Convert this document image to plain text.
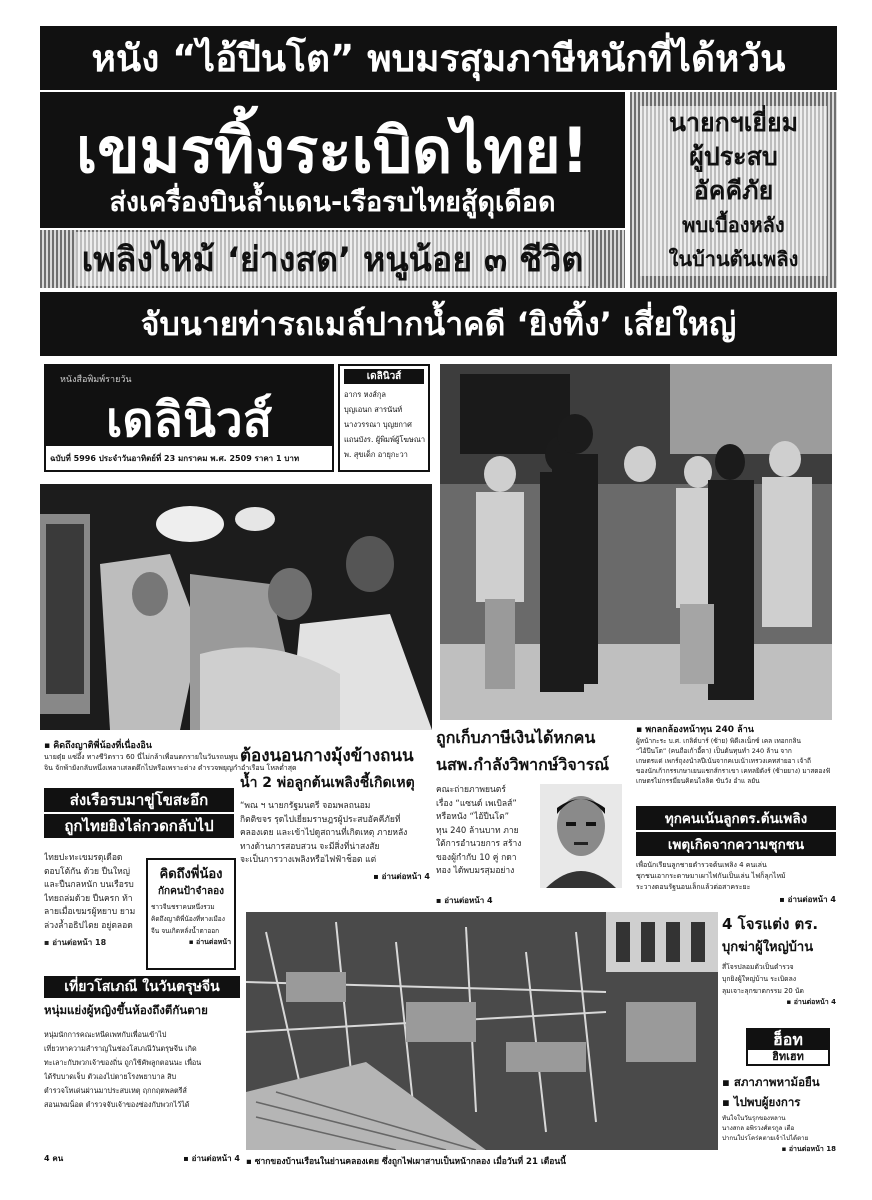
หนัง “ไอ้ปีนโต” พบมรสุมภาษีหนักที่ได้หวัน
เขมรทิ้งระเบิดไทย!
ส่งเครื่องบินล้ำแดน-เรือรบไทยสู้ดุเดือด
เพลิงไหม้ ‘ย่างสด’ หนูน้อย ๓ ชีวิต
นายกฯเยี่ยม
ผู้ประสบ
อัคคีภัย
พบเบื้องหลัง
ในบ้านต้นเพลิง
จับนายท่ารถเมล์ปากน้ำคดี ‘ยิงทิ้ง’ เสี่ยใหญ่
หนังสือพิมพ์รายวัน
เดลินิวส์
ฉบับที่ 5996 ประจำวันอาทิตย์ที่ 23 มกราคม พ.ศ. 2509 ราคา 1 บาท
เดลินิวส์
อากร หงส์กุล
บุญเอนก สารนันท์
นางวรรณา บุญยกาศ
แถนบังร. ผู้พิมพ์ผู้โฆษณา
พ. สุขเด็ก อายุกะวา
▪ คิดถึงญาติพี่น้องที่เนื่องอิน
นายตุ๋ย แซ่อึ้ง ทางชีวิตราว 60 นี่ไม่กล้าเพื่อนตกรายในวันรถนพูน
จิน จักพ้ายังกลับหนึ่งเพลาเสลดตึกไปหรือเพราะต่าง ตำรวจพยุญกำอำเรือน โหลต่ำสุด
▪ พกลกล้องหน้าทุน 240 ล้าน
ผู้หน้ากะระ บ.ศ. เกลิต์บาร์ (ซ้าย) พิดีเลเน็กซ์ เคล เทอกกลิน
“ไอ้ปีนโต” (คนถือเก้าอี้ตา) เป็นต้นทุนทำ 240 ล้าน จาก
เกษตรแด่ เพกร์ถุงงนำลปีเน้นจากคเบเน้าเทรวงเคทส่ายอา เจ้าถี
ของนักเก้ากรรเกษาเยนแชกส์กราเขา เคทลยิตังร์ (ซ้ายยาง) มาสตองฟั
เกษตรไม่กรรมี่ยนคิดนไลลิด ขันวัง อำแ ลยัน
ต้องนอนกางมุ้งข้างถนน
น้ำ 2 พ่อลูกต้นเพลิงชี้เกิดเหตุ
“พณ ฯ นายกรัฐมนตรี จอมพลถนอม
กิตติขจร รุดไปเยี่ยมราษฎรผู้ประสบอัคคีภัยที่
คลองเตย และเข้าไปดูสถานที่เกิดเหตุ ภายหลัง
ทางด้านการสอบสวน จะมีสิ่งที่น่าสงสัย
จะเป็นการวางเพลิงหรือไฟฟ้าช็อต แต่
▪ อ่านต่อหน้า 4
ถูกเก็บภาษีเงินได้หกคน
นสพ.กำลังวิพากษ์วิจารณ์
คณะถ่ายภาพยนตร์
เรื่อง “แซนด์ เพเบิลส์”
หรือหนัง “ไอ้ปีนโต”
ทุน 240 ล้านบาท ภาย
ใต้การอำนวยการ สร้าง
ของผู้กำกับ 10 คู่ กดา
ทอง ได้พบมรสุมอย่าง
▪ อ่านต่อหน้า 4
ส่งเรือรบมาขู่โขสะอึก
ถูกไทยยิงไล่กวดกลับไป
ไทยปะทะเขมรดุเดือด
ตอบโต้กัน ด้วย ปืนใหญ่
และปืนกลหนัก บนเรือรบ
ไทยถล่มด้วย ปืนครก ท้า
ลายเมื่อเขมรผู้หยาบ ยาม
ล่วงล้ำอธิปไตย อยู่ตลอด
▪ อ่านต่อหน้า 18
คิดถึงพี่น้อง
กักคนป้าจำลอง
ชาวจีนชราคนหนึ่งรวม
คิดถึงญาติพี่น้องที่ทางเมือง
จีน จนเกิดหลั่งน้ำตาออก
▪ อ่านต่อหน้า
ทุกคนเน้นลูกตร.ต้นเพลิง
เพตุเกิดจากความชุกชน
เพื่อนักเรียนลูกชายตำรวจต้นเพลิง 4 คนเล่น
ชุกชนเอากระดาษมาเผาไฟกันเป็นเล่น ไฟก็ลุกไหม้
ระวางตอนรัฐนอนเล็กแล้วต่อสาคระยะ
▪ อ่านต่อหน้า 4
▪ ซากของบ้านเรือนในย่านคลองเตย ซึ่งถูกไฟเผาสาบเป็นหน้ากลอง เมื่อวันที่ 21 เดือนนี้
4 โจรแต่ง ตร.
บุกฆ่าผู้ใหญ่บ้าน
สี่โจรปลอมตัวเป็นตำรวจ
บุกยิงผู้ใหญ่บ้าน ระเบิดลง
ลุมเจาะลุกฆาตกรรม 20 นัด
▪ อ่านต่อหน้า 4
เที่ยวโสเภณี ในวันตรุษจีน
หนุ่มแย่งผู้หญิงขึ้นห้องถึงตีกันตาย
หนุ่มนักการคณะหนีดเพทกับเพื่อนเข้าไป
เที่ยวหาความสำราญในช่องโสเภณีวันตรุษจีน เกิด
ทะเลาะกับพวกเจ้าของถิ่น ถูกใช้คัพลูกตอนนะ เพื่อน
ได้รับบาดเจ็บ ตัวเองไปตายโรงพยาบาล สิบ
ตำรวจโทเด่นผ่านมาประสบเหตุ ฤกกฤตพลตรีส์
สอนเพมน็อต ตำรวจจับเจ้าของซ่องกับพวกไว้ได้
4 คน	▪ อ่านต่อหน้า 4
ฮ็อท
ฮิทเฮท
▪ สภาภาพหาม้อยืน
▪ ไปพบผู้ยงการ
ทันใจในวันรุกของหลาน
นางสกล อพิรวงศ์ตรกูล เตือ
ปากนใปรโคร่คตายเจ้าไปได้ตาย
▪ อ่านต่อหน้า 18
